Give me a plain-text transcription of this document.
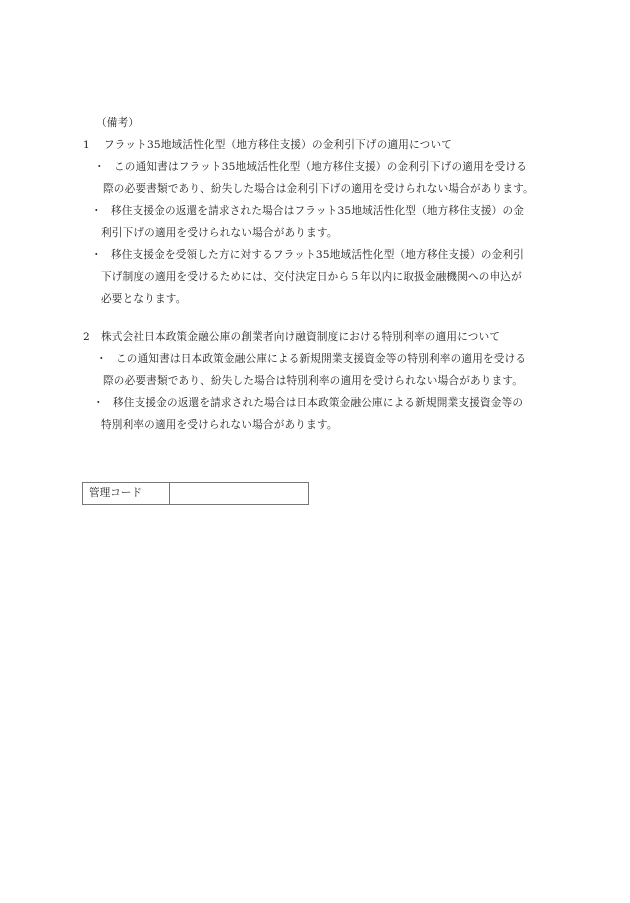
（備考）
1 フラット35地域活性化型（地方移住支援）の金利引下げの適用について
・ この通知書はフラット35地域活性化型（地方移住支援）の金利引下げの適用を受ける
際の必要書類であり、紛失した場合は金利引下げの適用を受けられない場合があります。
・ 移住支援金の返還を請求された場合はフラット35地域活性化型（地方移住支援）の金
利引下げの適用を受けられない場合があります。
・ 移住支援金を受領した方に対するフラット35地域活性化型（地方移住支援）の金利引
下げ制度の適用を受けるためには、交付決定日から５年以内に取扱金融機関への申込が
必要となります。
2 株式会社日本政策金融公庫の創業者向け融資制度における特別利率の適用について
・ この通知書は日本政策金融公庫による新規開業支援資金等の特別利率の適用を受ける
際の必要書類であり、紛失した場合は特別利率の適用を受けられない場合があります。
・ 移住支援金の返還を請求された場合は日本政策金融公庫による新規開業支援資金等の
特別利率の適用を受けられない場合があります。
管理コード
